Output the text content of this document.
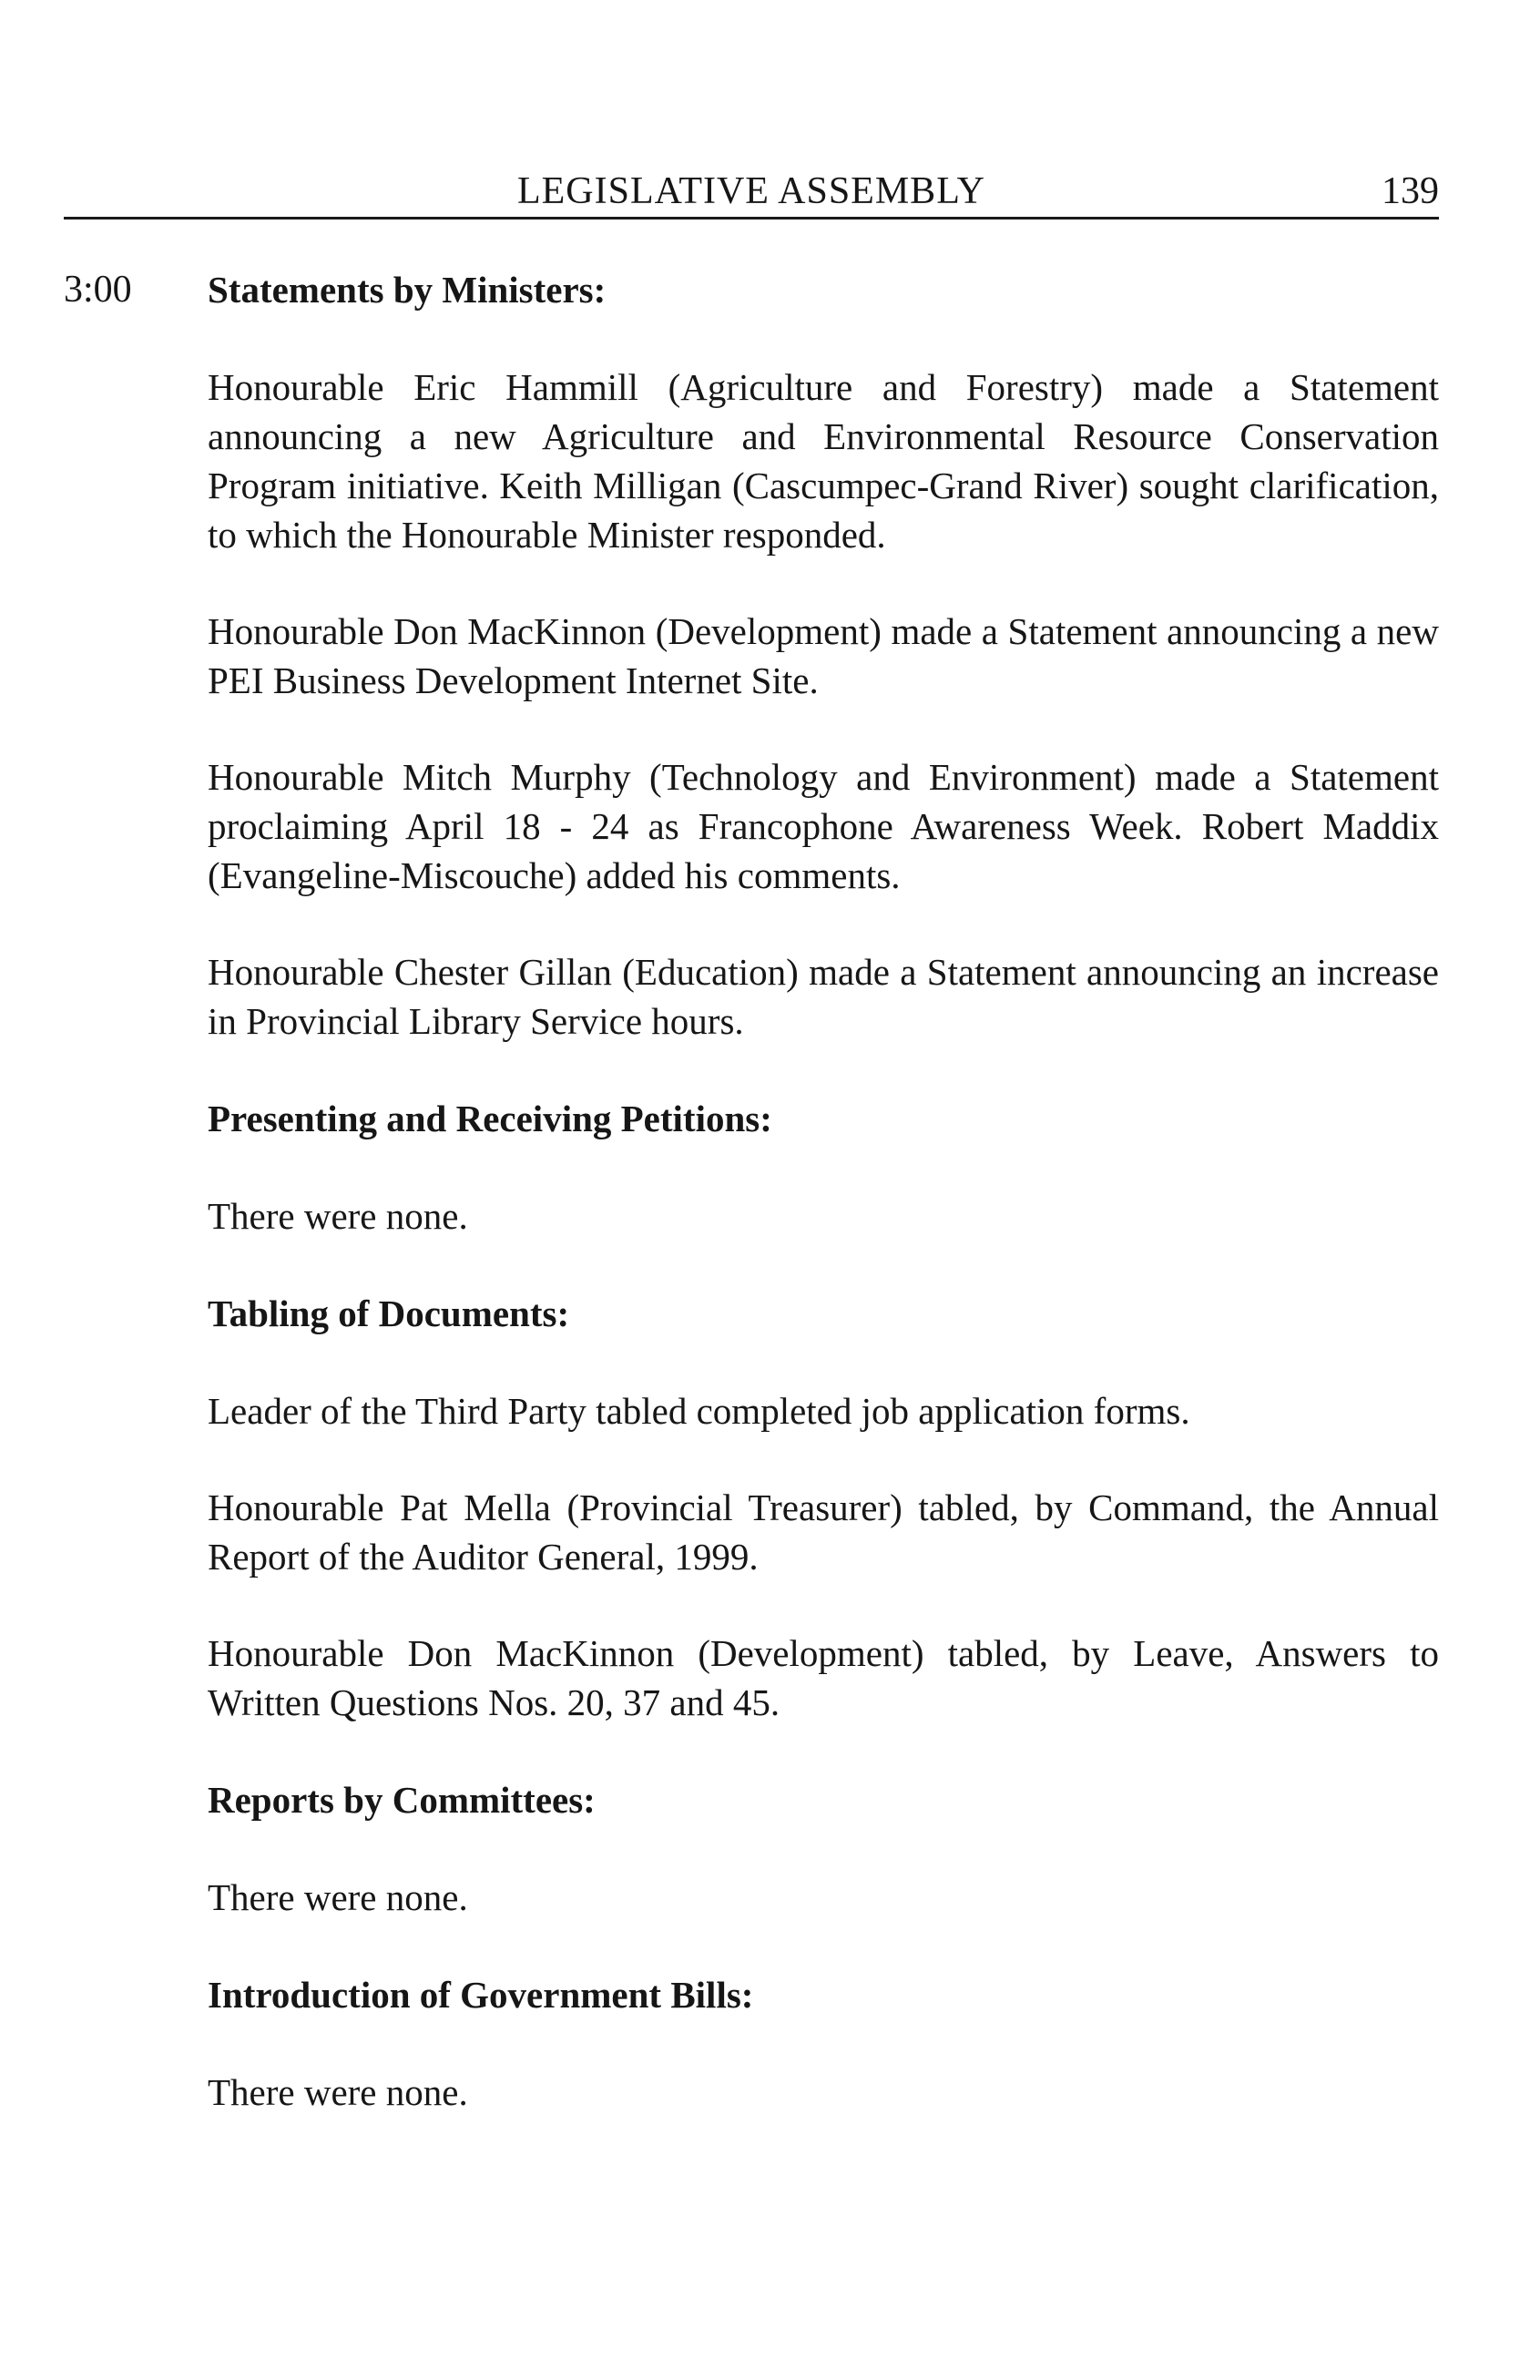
LEGISLATIVE ASSEMBLY	139
3:00 Statements by Ministers:

Honourable Eric Hammill (Agriculture and Forestry) made a Statement announcing a new Agriculture and Environmental Resource Conservation Program initiative. Keith Milligan (Cascumpec-Grand River) sought clarification, to which the Honourable Minister responded.

Honourable Don MacKinnon (Development) made a Statement announcing a new PEI Business Development Internet Site.

Honourable Mitch Murphy (Technology and Environment) made a Statement proclaiming April 18 - 24 as Francophone Awareness Week. Robert Maddix (Evangeline-Miscouche) added his comments.

Honourable Chester Gillan (Education) made a Statement announcing an increase in Provincial Library Service hours.

Presenting and Receiving Petitions:

There were none.

Tabling of Documents:

Leader of the Third Party tabled completed job application forms.

Honourable Pat Mella (Provincial Treasurer) tabled, by Command, the Annual Report of the Auditor General, 1999.

Honourable Don MacKinnon (Development) tabled, by Leave, Answers to Written Questions Nos. 20, 37 and 45.

Reports by Committees:

There were none.

Introduction of Government Bills:

There were none.
